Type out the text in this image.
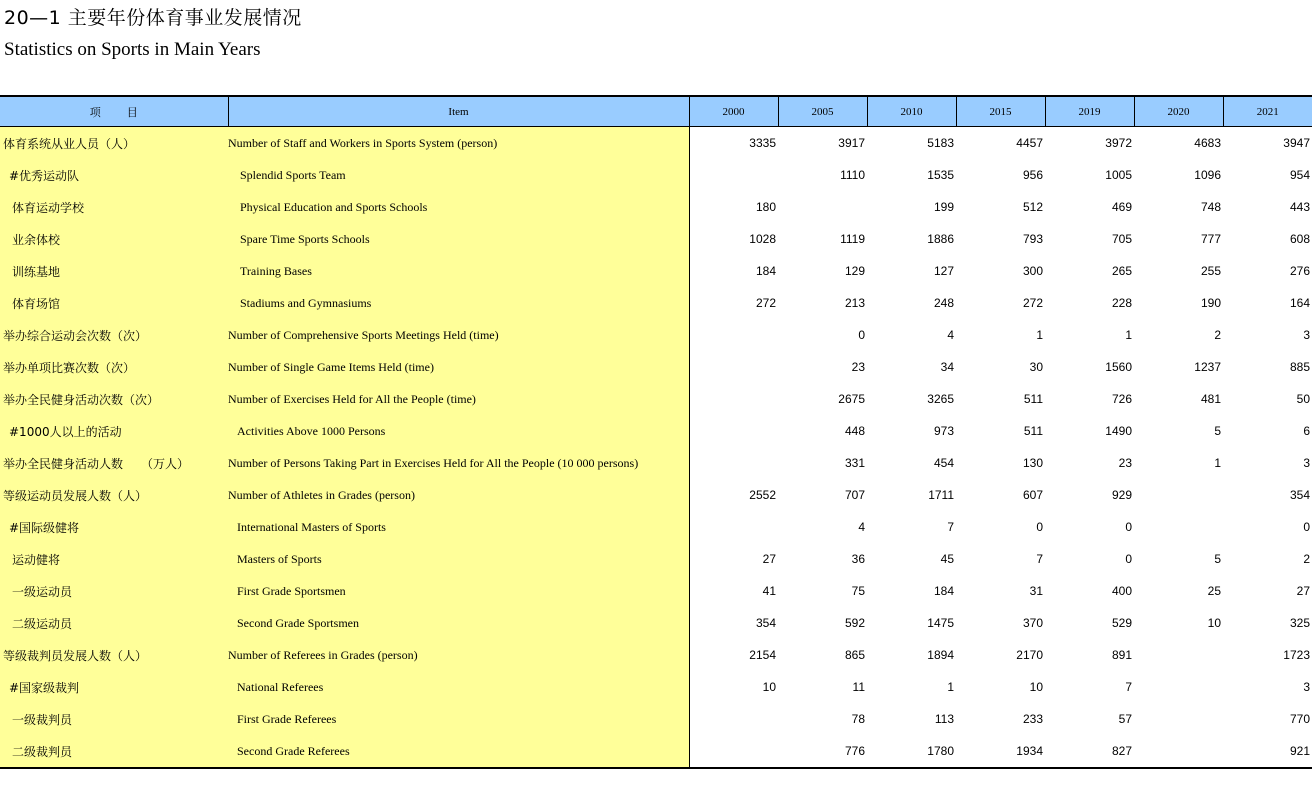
20—1 主要年份体育事业发展情况
Statistics on Sports in Main Years
项 目	Item	2000	2005	2010	2015	2019	2020	2021
体育系统从业人员（人）	Number of Staff and Workers in Sports System (person)	3335	3917	5183	4457	3972	4683	3947
#优秀运动队	Splendid Sports Team		1110	1535	956	1005	1096	954
体育运动学校	Physical Education and Sports Schools	180		199	512	469	748	443
业余体校	Spare Time Sports Schools	1028	1119	1886	793	705	777	608
训练基地	Training Bases	184	129	127	300	265	255	276
体育场馆	Stadiums and Gymnasiums	272	213	248	272	228	190	164
举办综合运动会次数（次）	Number of Comprehensive Sports Meetings Held (time)		0	4	1	1	2	3
举办单项比赛次数（次）	Number of Single Game Items Held (time)		23	34	30	1560	1237	885
举办全民健身活动次数（次）	Number of Exercises Held for All the People (time)		2675	3265	511	726	481	50
#1000人以上的活动	Activities Above 1000 Persons		448	973	511	1490	5	6
举办全民健身活动人数　　（万人）	Number of Persons Taking Part in Exercises Held for All the People (10 000 persons)		331	454	130	23	1	3
等级运动员发展人数（人）	Number of Athletes in Grades (person)	2552	707	1711	607	929		354
#国际级健将	International Masters of Sports		4	7	0	0		0
运动健将	Masters of Sports	27	36	45	7	0	5	2
一级运动员	First Grade Sportsmen	41	75	184	31	400	25	27
二级运动员	Second Grade Sportsmen	354	592	1475	370	529	10	325
等级裁判员发展人数（人）	Number of Referees in Grades (person)	2154	865	1894	2170	891		1723
#国家级裁判	National Referees	10	11	1	10	7		3
一级裁判员	First Grade Referees		78	113	233	57		770
二级裁判员	Second Grade Referees		776	1780	1934	827		921
